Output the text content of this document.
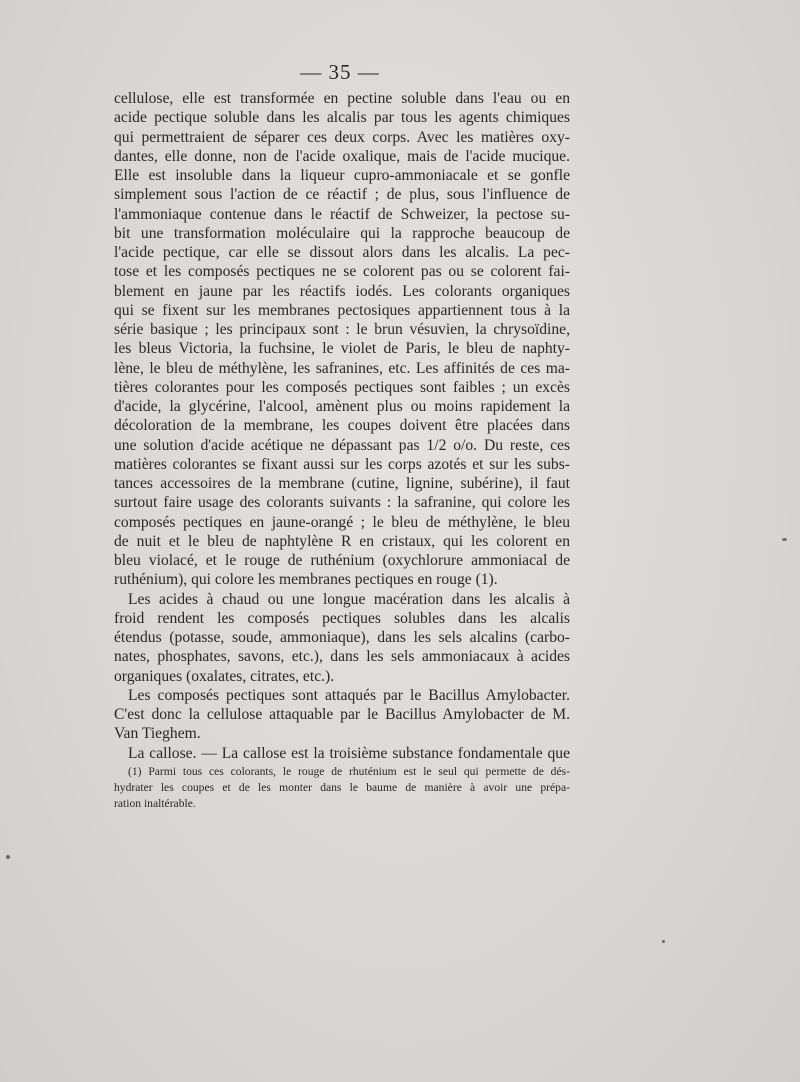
— 35 —
cellulose, elle est transformée en pectine soluble dans l'eau ou en
acide pectique soluble dans les alcalis par tous les agents chimiques
qui permettraient de séparer ces deux corps. Avec les matières oxy-
dantes, elle donne, non de l'acide oxalique, mais de l'acide mucique.
Elle est insoluble dans la liqueur cupro-ammoniacale et se gonfle
simplement sous l'action de ce réactif ; de plus, sous l'influence de
l'ammoniaque contenue dans le réactif de Schweizer, la pectose su-
bit une transformation moléculaire qui la rapproche beaucoup de
l'acide pectique, car elle se dissout alors dans les alcalis. La pec-
tose et les composés pectiques ne se colorent pas ou se colorent fai-
blement en jaune par les réactifs iodés. Les colorants organiques
qui se fixent sur les membranes pectosiques appartiennent tous à la
série basique ; les principaux sont : le brun vésuvien, la chrysoïdine,
les bleus Victoria, la fuchsine, le violet de Paris, le bleu de naphty-
lène, le bleu de méthylène, les safranines, etc. Les affinités de ces ma-
tières colorantes pour les composés pectiques sont faibles ; un excès
d'acide, la glycérine, l'alcool, amènent plus ou moins rapidement la
décoloration de la membrane, les coupes doivent être placées dans
une solution d'acide acétique ne dépassant pas 1/2 o/o. Du reste, ces
matières colorantes se fixant aussi sur les corps azotés et sur les subs-
tances accessoires de la membrane (cutine, lignine, subérine), il faut
surtout faire usage des colorants suivants : la safranine, qui colore les
composés pectiques en jaune-orangé ; le bleu de méthylène, le bleu
de nuit et le bleu de naphtylène R en cristaux, qui les colorent en
bleu violacé, et le rouge de ruthénium (oxychlorure ammoniacal de
ruthénium), qui colore les membranes pectiques en rouge (1).
Les acides à chaud ou une longue macération dans les alcalis à
froid rendent les composés pectiques solubles dans les alcalis
étendus (potasse, soude, ammoniaque), dans les sels alcalins (carbo-
nates, phosphates, savons, etc.), dans les sels ammoniacaux à acides
organiques (oxalates, citrates, etc.).
Les composés pectiques sont attaqués par le Bacillus Amylobacter.
C'est donc la cellulose attaquable par le Bacillus Amylobacter de M.
Van Tieghem.
La callose. — La callose est la troisième substance fondamentale que
(1) Parmi tous ces colorants, le rouge de rhuténium est le seul qui permette de dés-
hydrater les coupes et de les monter dans le baume de manière à avoir une prépa-
ration inaltérable.
